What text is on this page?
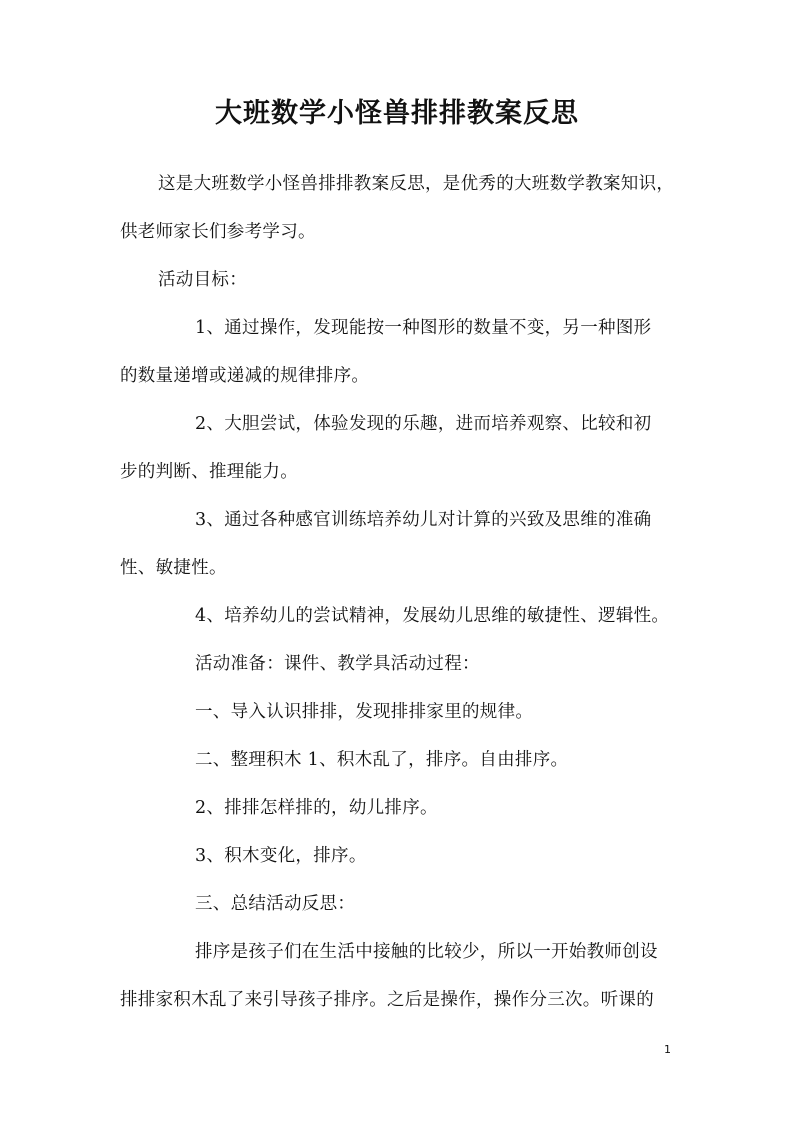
大班数学小怪兽排排教案反思
这是大班数学小怪兽排排教案反思，是优秀的大班数学教案知识，
供老师家长们参考学习。
活动目标：
1、通过操作，发现能按一种图形的数量不变，另一种图形
的数量递增或递减的规律排序。
2、大胆尝试，体验发现的乐趣，进而培养观察、比较和初
步的判断、推理能力。
3、通过各种感官训练培养幼儿对计算的兴致及思维的准确
性、敏捷性。
4、培养幼儿的尝试精神，发展幼儿思维的敏捷性、逻辑性。
活动准备：课件、教学具活动过程：
一、导入认识排排，发现排排家里的规律。
二、整理积木 1、积木乱了，排序。自由排序。
2、排排怎样排的，幼儿排序。
3、积木变化，排序。
三、总结活动反思：
排序是孩子们在生活中接触的比较少，所以一开始教师创设
排排家积木乱了来引导孩子排序。之后是操作，操作分三次。听课的
1
